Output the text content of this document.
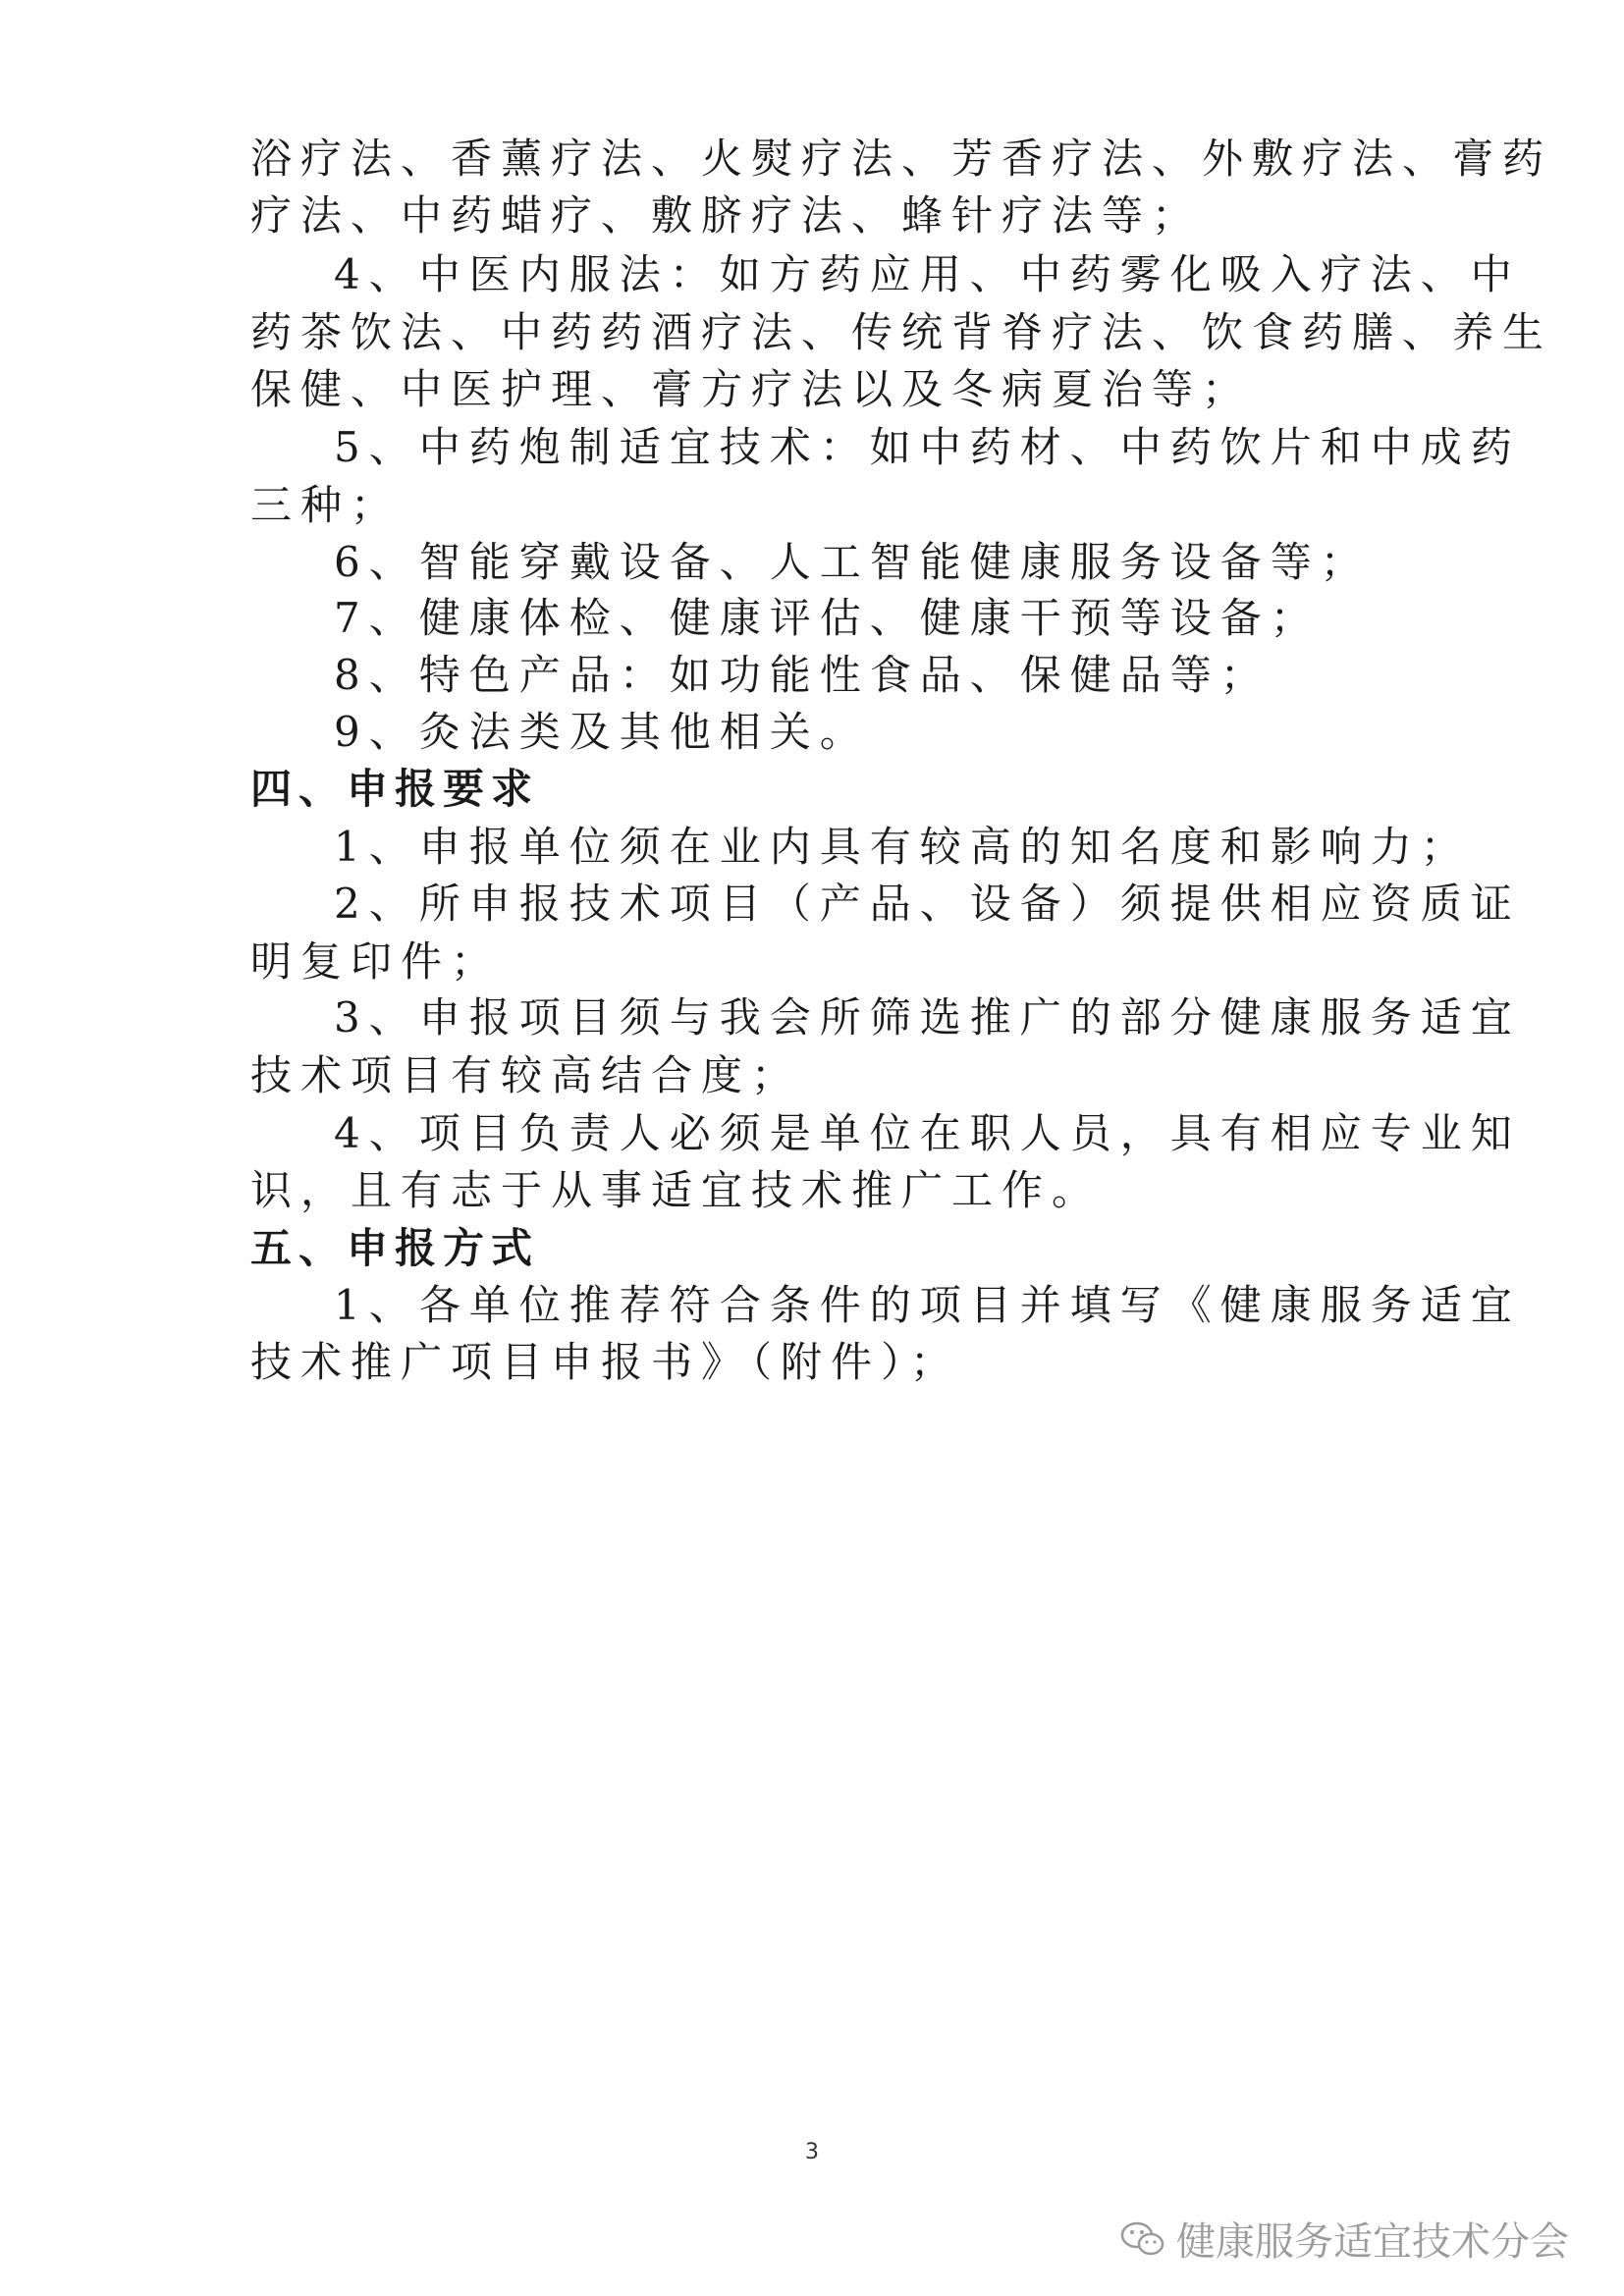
浴疗法、香薰疗法、火熨疗法、芳香疗法、外敷疗法、膏药
疗法、中药蜡疗、敷脐疗法、蜂针疗法等；
4、中医内服法：如方药应用、中药雾化吸入疗法、中
药茶饮法、中药药酒疗法、传统背脊疗法、饮食药膳、养生
保健、中医护理、膏方疗法以及冬病夏治等；
5、中药炮制适宜技术：如中药材、中药饮片和中成药
三种；
6、智能穿戴设备、人工智能健康服务设备等；
7、健康体检、健康评估、健康干预等设备；
8、特色产品：如功能性食品、保健品等；
9、灸法类及其他相关。
四、申报要求
1、申报单位须在业内具有较高的知名度和影响力；
2、所申报技术项目（产品、设备）须提供相应资质证
明复印件；
3、申报项目须与我会所筛选推广的部分健康服务适宜
技术项目有较高结合度；
4、项目负责人必须是单位在职人员，具有相应专业知
识，且有志于从事适宜技术推广工作。
五、申报方式
1、各单位推荐符合条件的项目并填写《健康服务适宜
技术推广项目申报书》（附件）；
3
健康服务适宜技术分会
